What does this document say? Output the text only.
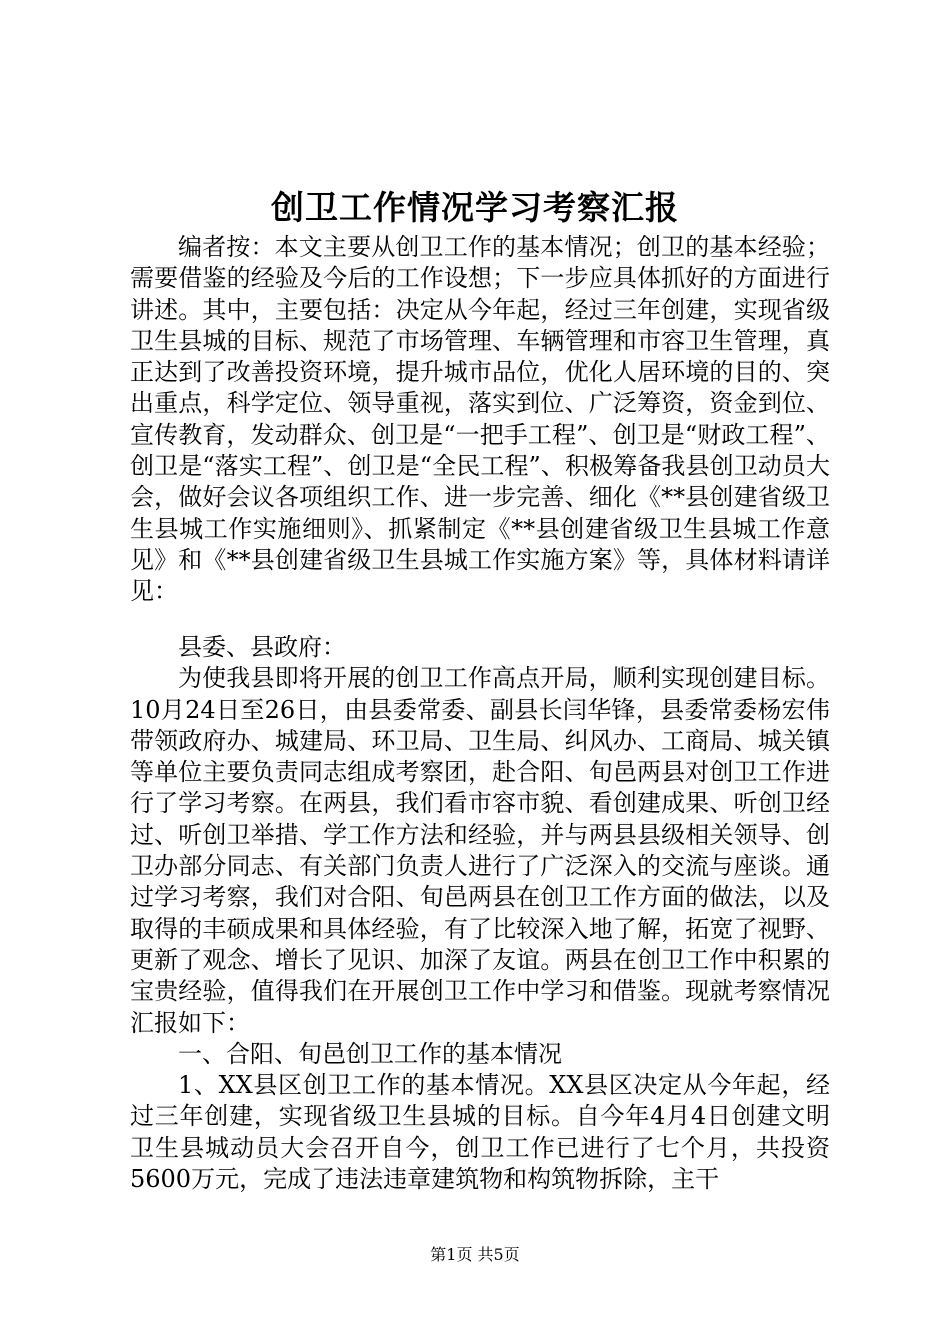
创卫工作情况学习考察汇报

编者按：本文主要从创卫工作的基本情况；创卫的基本经验；需要借鉴的经验及今后的工作设想；下一步应具体抓好的方面进行讲述。其中，主要包括：决定从今年起，经过三年创建，实现省级卫生县城的目标、规范了市场管理、车辆管理和市容卫生管理，真正达到了改善投资环境，提升城市品位，优化人居环境的目的、突出重点，科学定位、领导重视，落实到位、广泛筹资，资金到位、宣传教育，发动群众、创卫是“一把手工程”、创卫是“财政工程”、创卫是“落实工程”、创卫是“全民工程”、积极筹备我县创卫动员大会，做好会议各项组织工作、进一步完善、细化《**县创建省级卫生县城工作实施细则》、抓紧制定《**县创建省级卫生县城工作意见》和《**县创建省级卫生县城工作实施方案》等，具体材料请详见：

县委、县政府：

为使我县即将开展的创卫工作高点开局，顺利实现创建目标。10月24日至26日，由县委常委、副县长闫华锋，县委常委杨宏伟带领政府办、城建局、环卫局、卫生局、纠风办、工商局、城关镇等单位主要负责同志组成考察团，赴合阳、旬邑两县对创卫工作进行了学习考察。在两县，我们看市容市貌、看创建成果、听创卫经过、听创卫举措、学工作方法和经验，并与两县县级相关领导、创卫办部分同志、有关部门负责人进行了广泛深入的交流与座谈。通过学习考察，我们对合阳、旬邑两县在创卫工作方面的做法，以及取得的丰硕成果和具体经验，有了比较深入地了解，拓宽了视野、更新了观念、增长了见识、加深了友谊。两县在创卫工作中积累的宝贵经验，值得我们在开展创卫工作中学习和借鉴。现就考察情况汇报如下：

一、合阳、旬邑创卫工作的基本情况

1、XX县区创卫工作的基本情况。XX县区决定从今年起，经过三年创建，实现省级卫生县城的目标。自今年4月4日创建文明卫生县城动员大会召开自今，创卫工作已进行了七个月，共投资5600万元，完成了违法违章建筑物和构筑物拆除，主干

第1页 共5页
